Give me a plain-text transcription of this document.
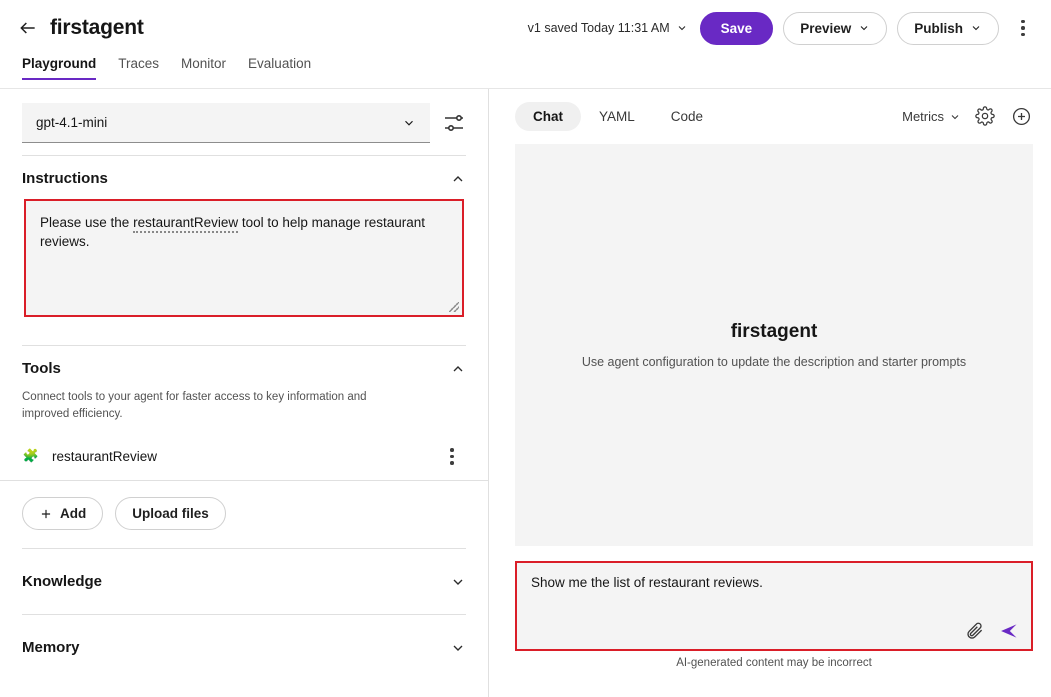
firstagent	v1 saved Today 11:31 AM	Save	Preview	Publish
Playground Traces Monitor Evaluation
gpt-4.1-mini
Instructions
Please use the restaurantReview tool to help manage restaurant reviews.
Tools
Connect tools to your agent for faster access to key information and improved efficiency.
🧩 restaurantReview
Add	Upload files
Knowledge
Memory
Chat	YAML	Code	Metrics
firstagent

Use agent configuration to update the description and starter prompts

Show me the list of restaurant reviews.
AI-generated content may be incorrect
